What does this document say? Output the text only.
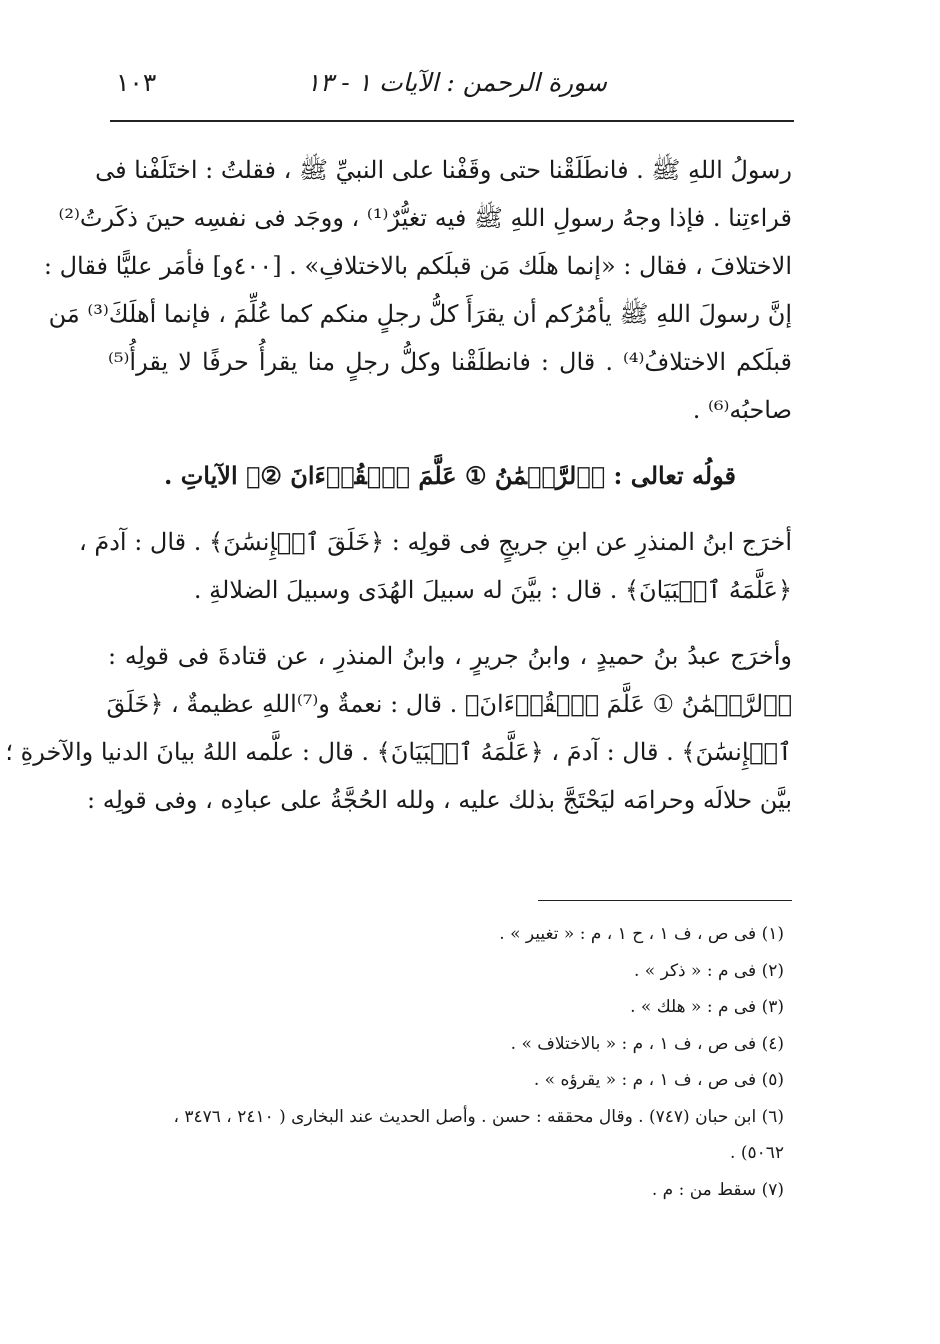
سورة الرحمن : الآيات ١ - ١٣
١٠٣
رسولُ اللهِ ﷺ . فانطَلَقْنا حتى وقَفْنا على النبيِّ ﷺ ، فقلتُ : اختَلَفْنا فى
قراءتِنا . فإذا وجهُ رسولِ اللهِ ﷺ فيه تغيُّرٌ⁽¹⁾ ، ووجَد فى نفسِه حينَ ذكَرتُ⁽²⁾
الاختلافَ ، فقال : «إنما هلَك مَن قبلَكم بالاختلافِ» . [٤٠٠و] فأمَر عليًّا فقال :
إنَّ رسولَ اللهِ ﷺ يأمُرُكم أن يقرَأَ كلُّ رجلٍ منكم كما عُلِّمَ ، فإنما أهلَكَ⁽³⁾ مَن
قبلَكم الاختلافُ⁽⁴⁾ . قال : فانطلَقْنا وكلُّ رجلٍ منا يقرأُ حرفًا لا يقرأُ⁽⁵⁾
صاحبُه⁽⁶⁾ .
قولُه تعالى : ﴿ٱلرَّحۡمَٰنُ ① عَلَّمَ ٱلۡقُرۡءَانَ ②﴾ الآياتِ .
أخرَج ابنُ المنذرِ عن ابنِ جريجٍ فى قولِه : ﴿خَلَقَ ٱلۡإِنسَٰنَ﴾ . قال : آدمَ ،
﴿عَلَّمَهُ ٱلۡبَيَانَ﴾ . قال : بيَّنَ له سبيلَ الهُدَى وسبيلَ الضلالةِ .
وأخرَج عبدُ بنُ حميدٍ ، وابنُ جريرٍ ، وابنُ المنذرِ ، عن قتادةَ فى قولِه :
﴿ٱلرَّحۡمَٰنُ ① عَلَّمَ ٱلۡقُرۡءَانَ﴾ . قال : نعمةٌ و⁽⁷⁾اللهِ عظيمةٌ ، ﴿خَلَقَ
ٱلۡإِنسَٰنَ﴾ . قال : آدمَ ، ﴿عَلَّمَهُ ٱلۡبَيَانَ﴾ . قال : علَّمه اللهُ بيانَ الدنيا والآخرةِ ؛
بيَّن حلالَه وحرامَه ليَحْتَجَّ بذلك عليه ، ولله الحُجَّةُ على عبادِه ، وفى قولِه :
(١) فى ص ، ف ١ ، ح ١ ، م : « تغيير » .
(٢) فى م : « ذكر » .
(٣) فى م : « هلك » .
(٤) فى ص ، ف ١ ، م : « بالاختلاف » .
(٥) فى ص ، ف ١ ، م : « يقرؤه » .
(٦) ابن حبان (٧٤٧) . وقال محققه : حسن . وأصل الحديث عند البخارى ( ٢٤١٠ ، ٣٤٧٦ ،
٥٠٦٢) .
(٧) سقط من : م .
